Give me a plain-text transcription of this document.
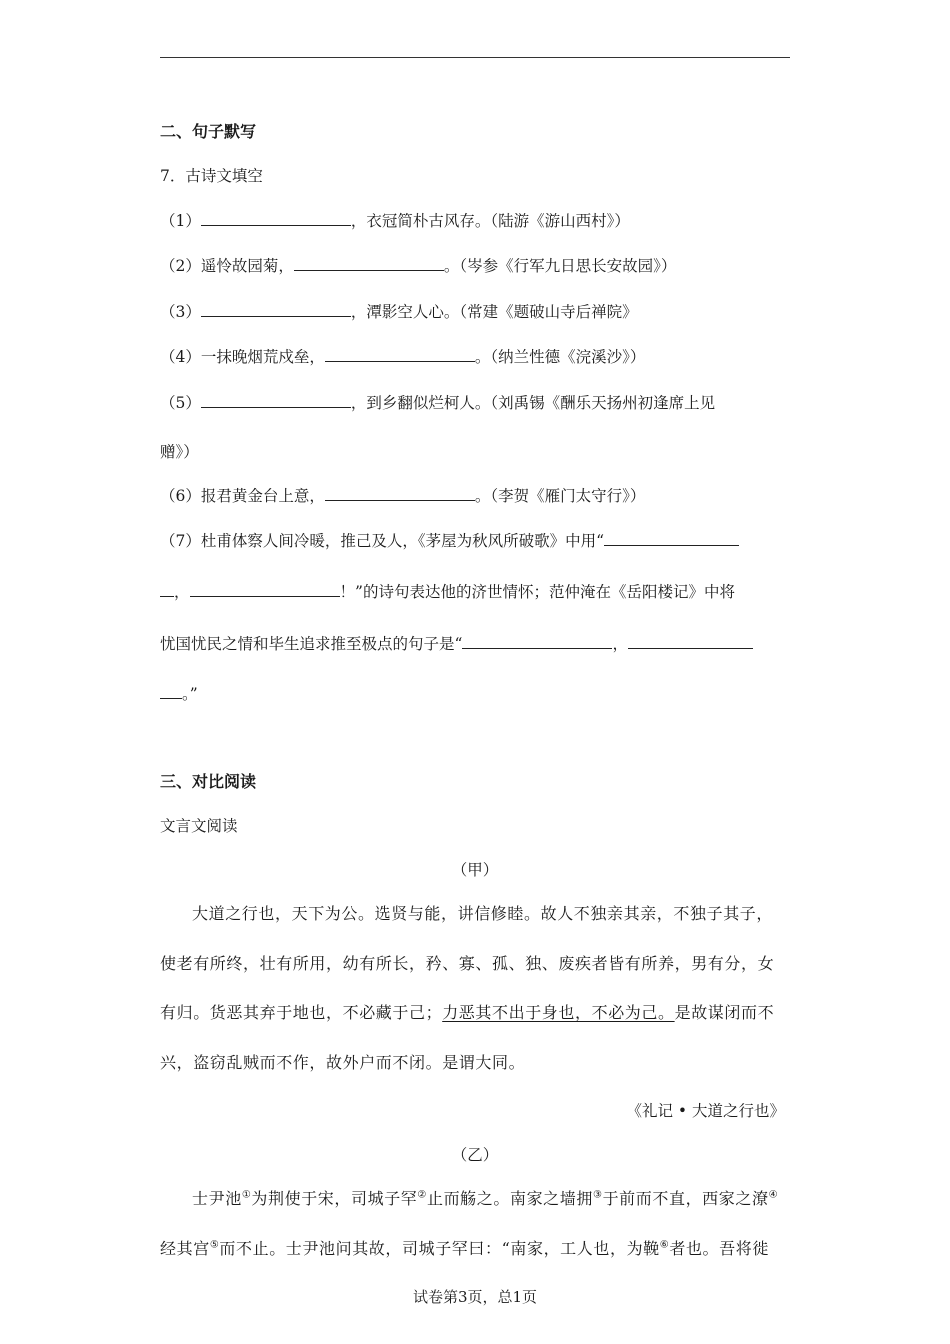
二、句子默写
7．古诗文填空
（1）	，衣冠简朴古风存。（陆游《游山西村》）
（2）遥怜故园菊，	。（岑参《行军九日思长安故园》）
（3）	，潭影空人心。（常建《题破山寺后禅院》
（4）一抹晚烟荒戍垒，	。（纳兰性德《浣溪沙》）
（5）	，到乡翻似烂柯人。（刘禹锡《酬乐天扬州初逢席上见
赠》）
（6）报君黄金台上意，	。（李贺《雁门太守行》）
（7）杜甫体察人间冷暖，推己及人，《茅屋为秋风所破歌》中用“
，	！”的诗句表达他的济世情怀；范仲淹在《岳阳楼记》中将
忧国忧民之情和毕生追求推至极点的句子是“	，
。”
三、对比阅读
文言文阅读
（甲）
大道之行也，天下为公。选贤与能，讲信修睦。故人不独亲其亲，不独子其子，
使老有所终，壮有所用，幼有所长，矜、寡、孤、独、废疾者皆有所养，男有分，女
有归。货恶其弃于地也，不必藏于己；力恶其不出于身也，不必为己。是故谋闭而不
兴，盗窃乱贼而不作，故外户而不闭。是谓大同。
《礼记 • 大道之行也》
（乙）
士尹池①为荆使于宋，司城子罕②止而觞之。南家之墙拥③于前而不直，西家之潦④
经其宫⑤而不止。士尹池问其故，司城子罕曰：“南家，工人也，为鞔⑥者也。吾将徙
试卷第3页，总1页
